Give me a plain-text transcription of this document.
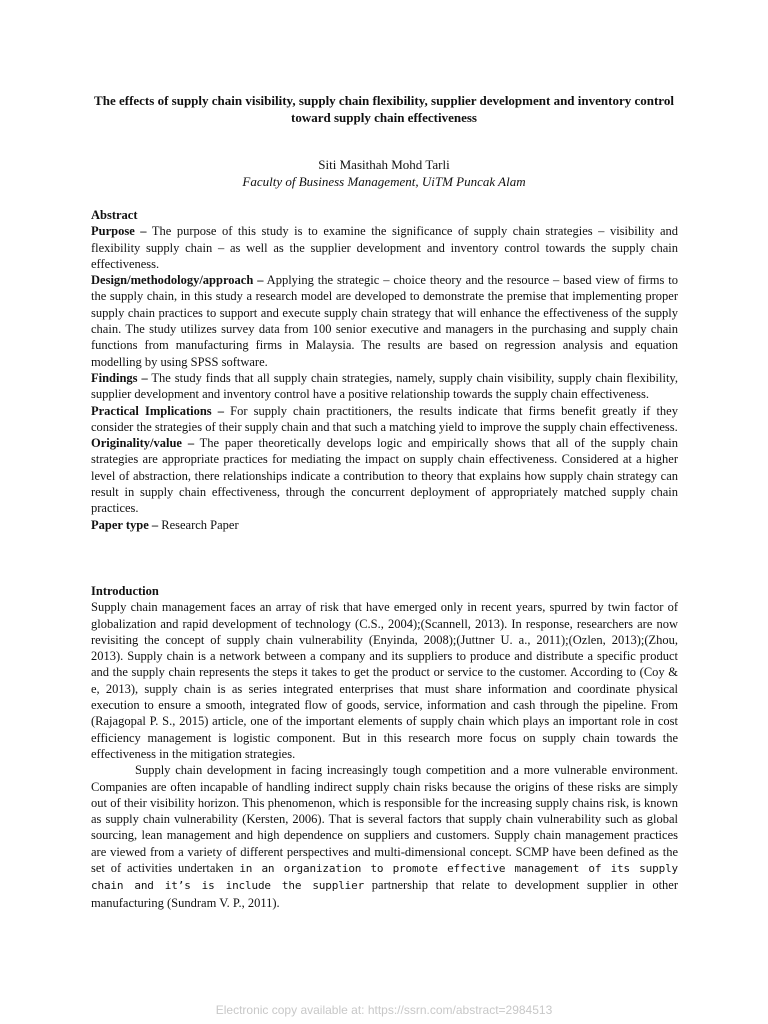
The effects of supply chain visibility, supply chain flexibility, supplier development and inventory control toward supply chain effectiveness
Siti Masithah Mohd Tarli
Faculty of Business Management, UiTM Puncak Alam
Abstract

Purpose – The purpose of this study is to examine the significance of supply chain strategies – visibility and flexibility supply chain – as well as the supplier development and inventory control towards the supply chain effectiveness.

Design/methodology/approach – Applying the strategic – choice theory and the resource – based view of firms to the supply chain, in this study a research model are developed to demonstrate the premise that implementing proper supply chain practices to support and execute supply chain strategy that will enhance the effectiveness of the supply chain. The study utilizes survey data from 100 senior executive and managers in the purchasing and supply chain functions from manufacturing firms in Malaysia. The results are based on regression analysis and equation modelling by using SPSS software.

Findings – The study finds that all supply chain strategies, namely, supply chain visibility, supply chain flexibility, supplier development and inventory control have a positive relationship towards the supply chain effectiveness.

Practical Implications – For supply chain practitioners, the results indicate that firms benefit greatly if they consider the strategies of their supply chain and that such a matching yield to improve the supply chain effectiveness.

Originality/value – The paper theoretically develops logic and empirically shows that all of the supply chain strategies are appropriate practices for mediating the impact on supply chain effectiveness. Considered at a higher level of abstraction, there relationships indicate a contribution to theory that explains how supply chain strategy can result in supply chain effectiveness, through the concurrent deployment of appropriately matched supply chain practices.

Paper type – Research Paper

Introduction

Supply chain management faces an array of risk that have emerged only in recent years, spurred by twin factor of globalization and rapid development of technology (C.S., 2004);(Scannell, 2013). In response, researchers are now revisiting the concept of supply chain vulnerability (Enyinda, 2008);(Juttner U. a., 2011);(Ozlen, 2013);(Zhou, 2013). Supply chain is a network between a company and its suppliers to produce and distribute a specific product and the supply chain represents the steps it takes to get the product or service to the customer. According to (Coy & e, 2013), supply chain is as series integrated enterprises that must share information and coordinate physical execution to ensure a smooth, integrated flow of goods, service, information and cash through the pipeline. From (Rajagopal P. S., 2015) article, one of the important elements of supply chain which plays an important role in cost efficiency management is logistic component. But in this research more focus on supply chain towards the effectiveness in the mitigation strategies.

Supply chain development in facing increasingly tough competition and a more vulnerable environment. Companies are often incapable of handling indirect supply chain risks because the origins of these risks are simply out of their visibility horizon. This phenomenon, which is responsible for the increasing supply chains risk, is known as supply chain vulnerability (Kersten, 2006). That is several factors that supply chain vulnerability such as global sourcing, lean management and high dependence on suppliers and customers. Supply chain management practices are viewed from a variety of different perspectives and multi-dimensional concept. SCMP have been defined as the set of activities undertaken in an organization to promote effective management of its supply chain and it’s is include the supplier partnership that relate to development supplier in other manufacturing (Sundram V. P., 2011).

Electronic copy available at: https://ssrn.com/abstract=2984513
